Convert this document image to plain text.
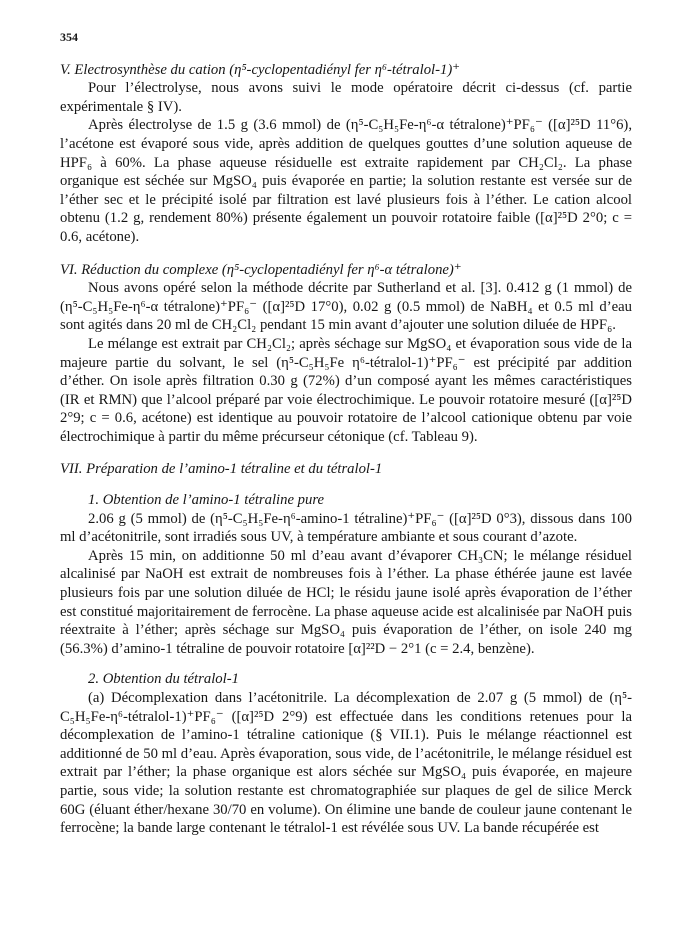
354
V. Electrosynthèse du cation (η⁵-cyclopentadiényl fer η⁶-tétralol-1)⁺

Pour l’électrolyse, nous avons suivi le mode opératoire décrit ci-dessus (cf. partie expérimentale § IV).

Après électrolyse de 1.5 g (3.6 mmol) de (η⁵-C₅H₅Fe-η⁶-α tétralone)⁺PF₆⁻ ([α]²⁵D 11°6), l’acétone est évaporé sous vide, après addition de quelques gouttes d’une solution aqueuse de HPF₆ à 60%. La phase aqueuse résiduelle est extraite rapidement par CH₂Cl₂. La phase organique est séchée sur MgSO₄ puis évaporée en partie; la solution restante est versée sur de l’éther sec et le précipité isolé par filtration est lavé plusieurs fois à l’éther. Le cation alcool obtenu (1.2 g, rendement 80%) présente également un pouvoir rotatoire faible ([α]²⁵D 2°0; c = 0.6, acétone).

VI. Réduction du complexe (η⁵-cyclopentadiényl fer η⁶-α tétralone)⁺

Nous avons opéré selon la méthode décrite par Sutherland et al. [3]. 0.412 g (1 mmol) de (η⁵-C₅H₅Fe-η⁶-α tétralone)⁺PF₆⁻ ([α]²⁵D 17°0), 0.02 g (0.5 mmol) de NaBH₄ et 0.5 ml d’eau sont agités dans 20 ml de CH₂Cl₂ pendant 15 min avant d’ajouter une solution diluée de HPF₆.

Le mélange est extrait par CH₂Cl₂; après séchage sur MgSO₄ et évaporation sous vide de la majeure partie du solvant, le sel (η⁵-C₅H₅Fe η⁶-tétralol-1)⁺PF₆⁻ est précipité par addition d’éther. On isole après filtration 0.30 g (72%) d’un composé ayant les mêmes caractéristiques (IR et RMN) que l’alcool préparé par voie électrochimique. Le pouvoir rotatoire mesuré ([α]²⁵D 2°9; c = 0.6, acétone) est identique au pouvoir rotatoire de l’alcool cationique obtenu par voie électrochimique à partir du même précurseur cétonique (cf. Tableau 9).

VII. Préparation de l’amino-1 tétraline et du tétralol-1
1. Obtention de l’amino-1 tétraline pure

2.06 g (5 mmol) de (η⁵-C₅H₅Fe-η⁶-amino-1 tétraline)⁺PF₆⁻ ([α]²⁵D 0°3), dissous dans 100 ml d’acétonitrile, sont irradiés sous UV, à température ambiante et sous courant d’azote.

Après 15 min, on additionne 50 ml d’eau avant d’évaporer CH₃CN; le mélange résiduel alcalinisé par NaOH est extrait de nombreuses fois à l’éther. La phase éthérée jaune est lavée plusieurs fois par une solution diluée de HCl; le résidu jaune isolé après évaporation de l’éther est constitué majoritairement de ferrocène. La phase aqueuse acide est alcalinisée par NaOH puis réextraite à l’éther; après séchage sur MgSO₄ puis évaporation de l’éther, on isole 240 mg (56.3%) d’amino-1 tétraline de pouvoir rotatoire [α]²²D − 2°1 (c = 2.4, benzène).

2. Obtention du tétralol-1

(a) Décomplexation dans l’acétonitrile. La décomplexation de 2.07 g (5 mmol) de (η⁵-C₅H₅Fe-η⁶-tétralol-1)⁺PF₆⁻ ([α]²⁵D 2°9) est effectuée dans les conditions retenues pour la décomplexation de l’amino-1 tétraline cationique (§ VII.1). Puis le mélange réactionnel est additionné de 50 ml d’eau. Après évaporation, sous vide, de l’acétonitrile, le mélange résiduel est extrait par l’éther; la phase organique est alors séchée sur MgSO₄ puis évaporée, en majeure partie, sous vide; la solution restante est chromatographiée sur plaques de gel de silice Merck 60G (éluant éther/hexane 30/70 en volume). On élimine une bande de couleur jaune contenant le ferrocène; la bande large contenant le tétralol-1 est révélée sous UV. La bande récupérée est
